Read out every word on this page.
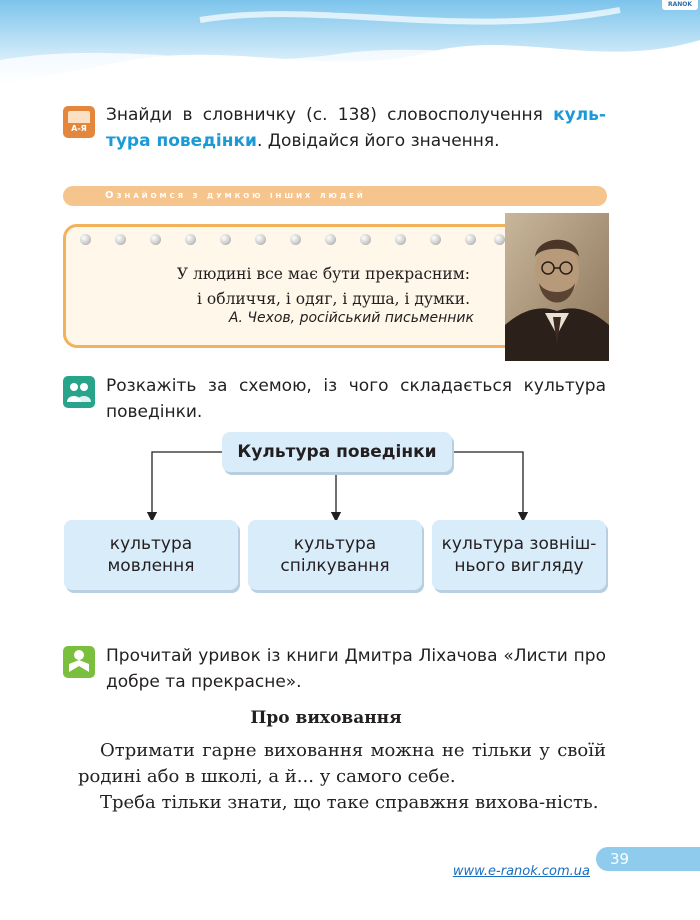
RANOK
А-Я
Знайди в словничку (с. 138) словосполучення куль-тура поведінки. Довідайся його значення.
Ознайомся з думкою інших людей
У людині все має бути прекрасним:
і обличчя, і одяг, і душа, і думки.
А. Чехов, російський письменник
Розкажіть за схемою, із чого складається культура поведінки.
Культура поведінки
культура мовлення
культура спілкування
культура зовніш-нього вигляду
Прочитай уривок із книги Дмитра Ліхачова «Листи про добре та прекрасне».
Про виховання
Отримати гарне виховання можна не тільки у своїй родині або в школі, а й... у самого себе.
Треба тільки знати, що таке справжня вихова-ність.
39
www.e-ranok.com.ua
